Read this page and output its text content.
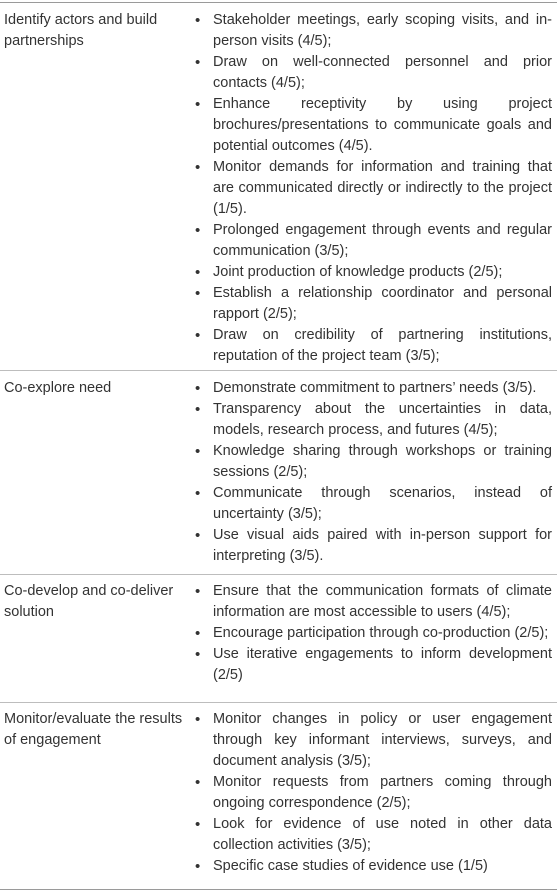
Identify actors and build partnerships
• Stakeholder meetings, early scoping visits, and in-person visits (4/5);
• Draw on well-connected personnel and prior contacts (4/5);
• Enhance receptivity by using project brochures/presentations to communicate goals and potential outcomes (4/5).
• Monitor demands for information and training that are communicated directly or indirectly to the project (1/5).
• Prolonged engagement through events and regular communication (3/5);
• Joint production of knowledge products (2/5);
• Establish a relationship coordinator and personal rapport (2/5);
• Draw on credibility of partnering institutions, reputation of the project team (3/5);
Co-explore need
•	Demonstrate commitment to partners’ needs (3/5).
• Transparency about the uncertainties in data, models, research process, and futures (4/5);
• Knowledge sharing through workshops or training sessions (2/5);
• Communicate through scenarios, instead of uncertainty (3/5);
• Use visual aids paired with in-person support for interpreting (3/5).
Co-develop and co-deliver solution
• Ensure that the communication formats of climate information are most accessible to users (4/5);
• Encourage participation through co-production (2/5);
• Use iterative engagements to inform development (2/5)
Monitor/evaluate the results of engagement
• Monitor changes in policy or user engagement through key informant interviews, surveys, and document analysis (3/5);
• Monitor requests from partners coming through ongoing correspondence (2/5);
• Look for evidence of use noted in other data collection activities (3/5);
• Specific case studies of evidence use (1/5)
